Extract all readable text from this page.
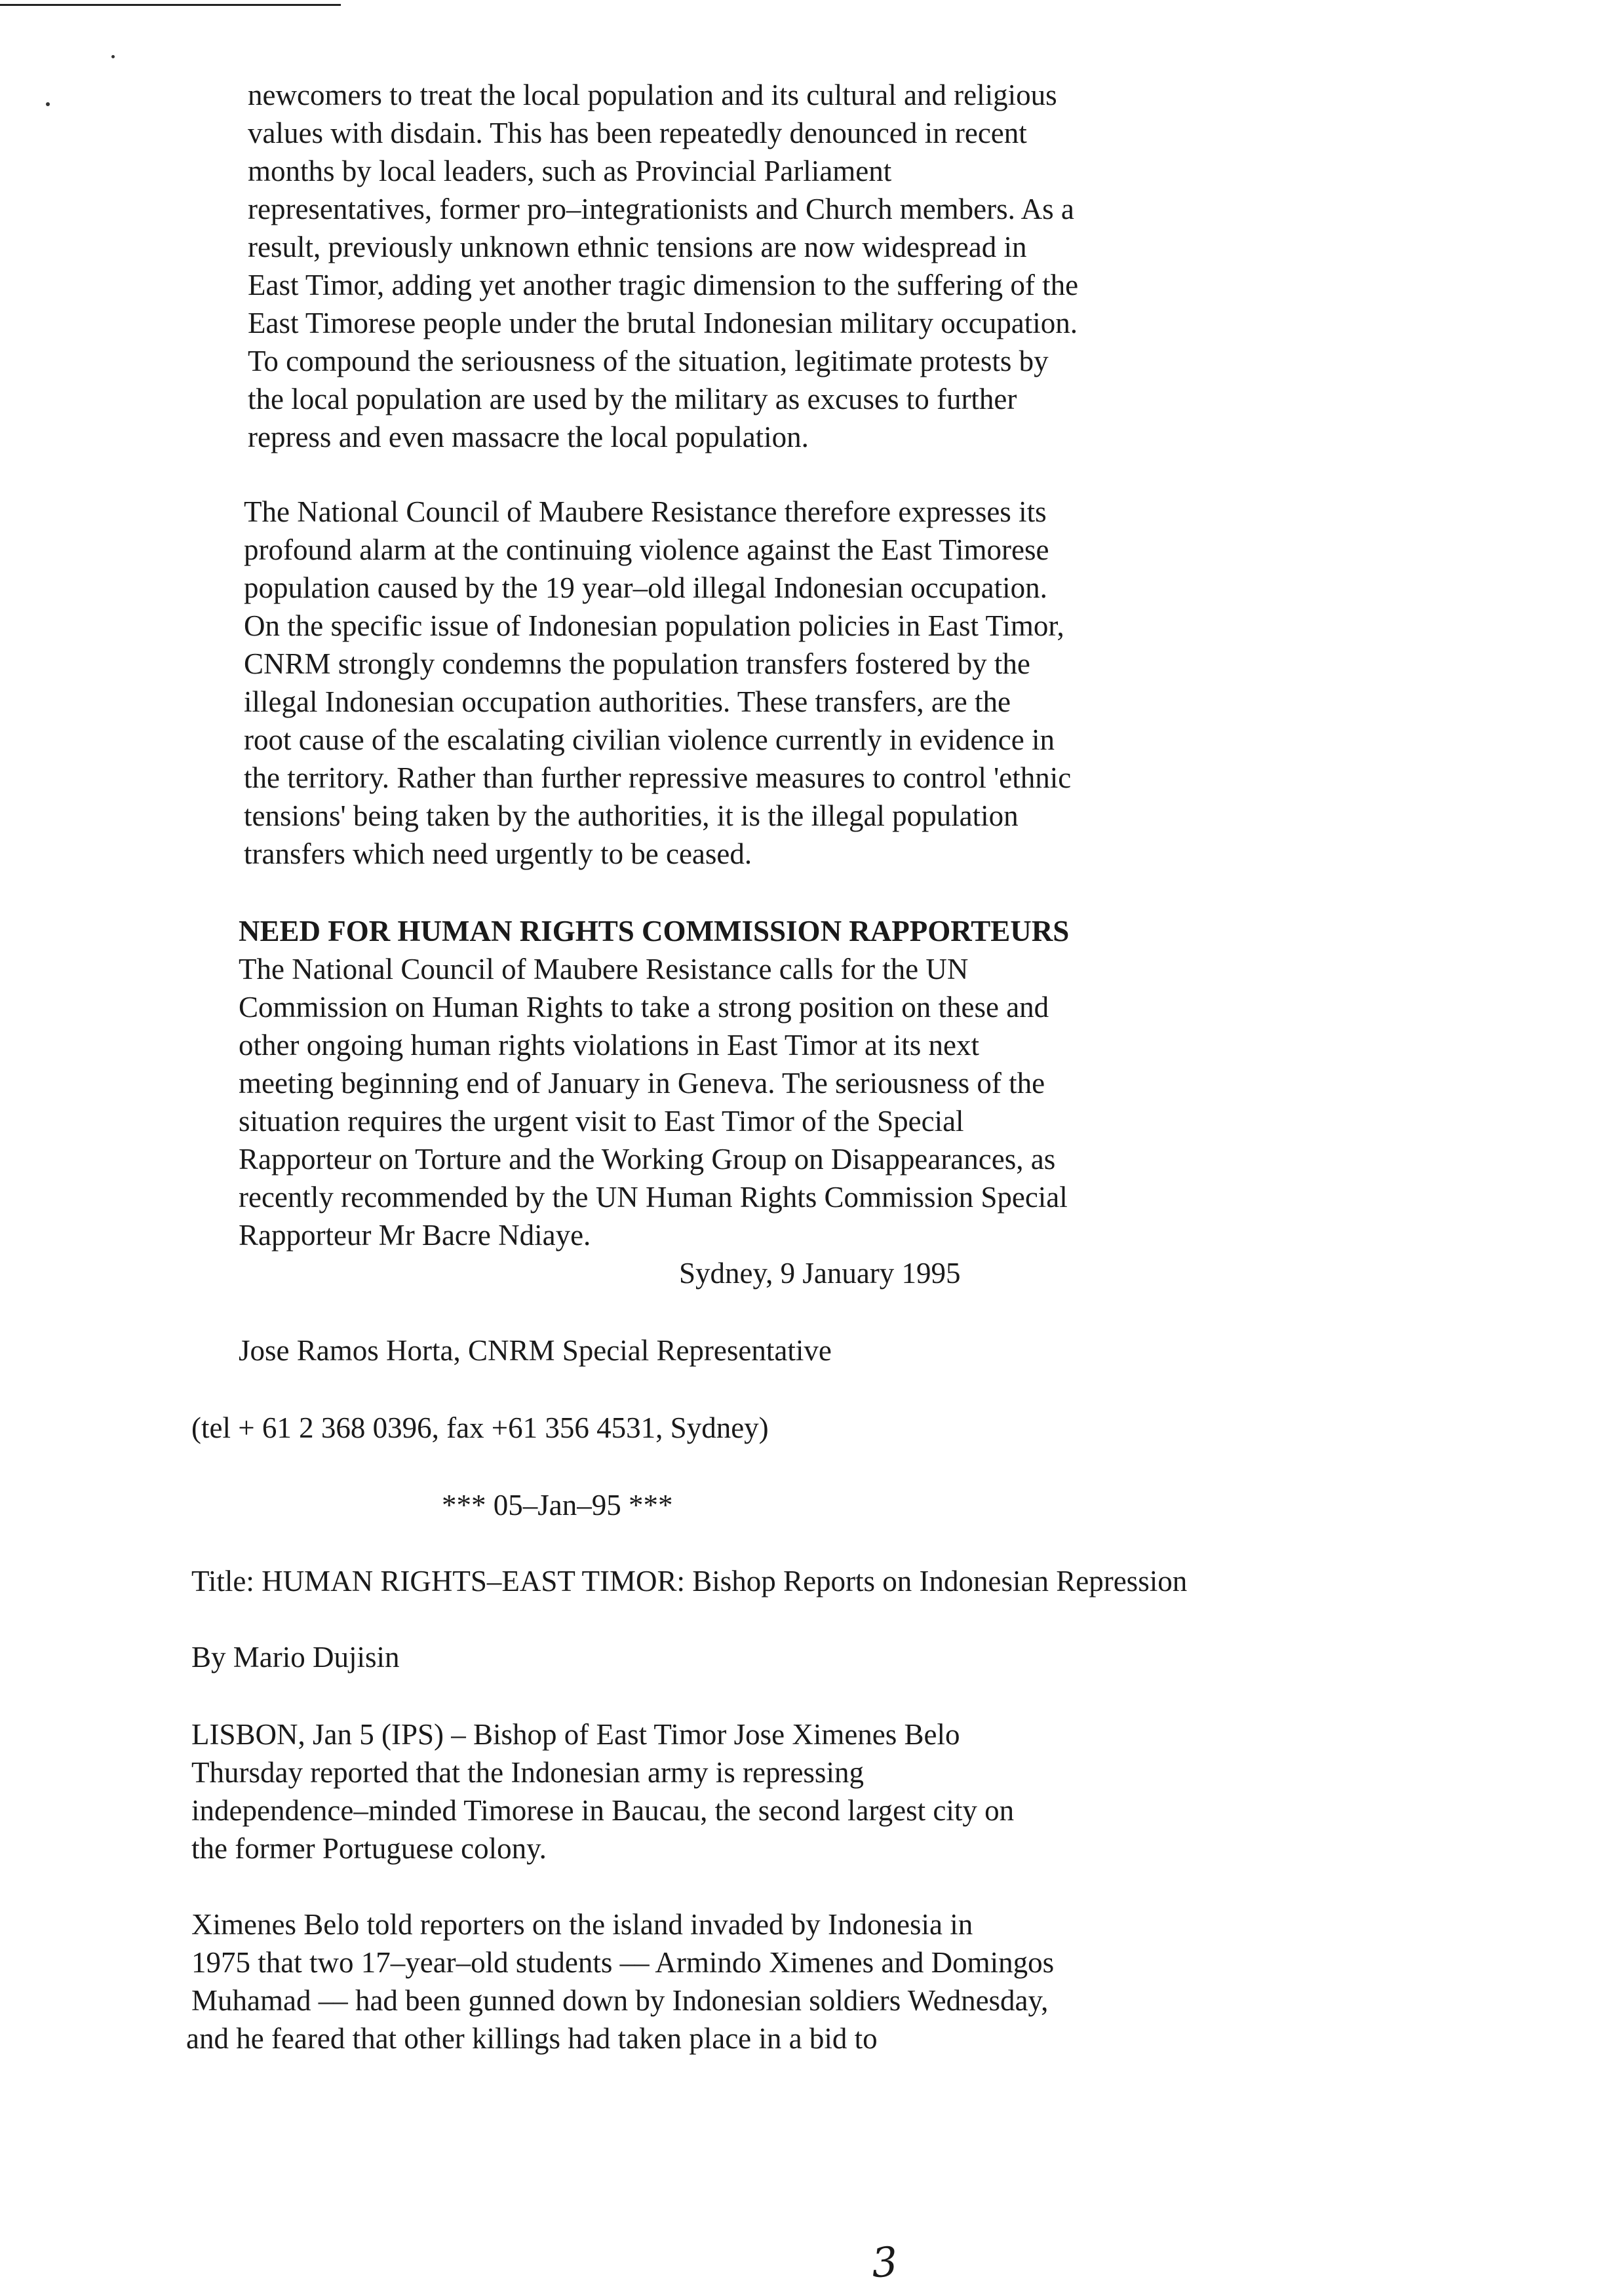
newcomers to treat the local population and its cultural and religious
values with disdain. This has been repeatedly denounced in recent
months by local leaders, such as Provincial Parliament
representatives, former pro–integrationists and Church members. As a
result, previously unknown ethnic tensions are now widespread in
East Timor, adding yet another tragic dimension to the suffering of the
East Timorese people under the brutal Indonesian military occupation.
To compound the seriousness of the situation, legitimate protests by
the local population are used by the military as excuses to further
repress and even massacre the local population.
The National Council of Maubere Resistance therefore expresses its
profound alarm at the continuing violence against the East Timorese
population caused by the 19 year–old illegal Indonesian occupation.
On the specific issue of Indonesian population policies in East Timor,
CNRM strongly condemns the population transfers fostered by the
illegal Indonesian occupation authorities. These transfers, are the
root cause of the escalating civilian violence currently in evidence in
the territory. Rather than further repressive measures to control 'ethnic
tensions' being taken by the authorities, it is the illegal population
transfers which need urgently to be ceased.
NEED FOR HUMAN RIGHTS COMMISSION RAPPORTEURS
The National Council of Maubere Resistance calls for the UN
Commission on Human Rights to take a strong position on these and
other ongoing human rights violations in East Timor at its next
meeting beginning end of January in Geneva. The seriousness of the
situation requires the urgent visit to East Timor of the Special
Rapporteur on Torture and the Working Group on Disappearances, as
recently recommended by the UN Human Rights Commission Special
Rapporteur Mr Bacre Ndiaye.
Sydney, 9 January 1995
Jose Ramos Horta, CNRM Special Representative
(tel + 61 2 368 0396, fax +61 356 4531, Sydney)
*** 05–Jan–95 ***
Title: HUMAN RIGHTS–EAST TIMOR: Bishop Reports on Indonesian Repression
By Mario Dujisin
LISBON, Jan 5 (IPS) – Bishop of East Timor Jose Ximenes Belo
Thursday reported that the Indonesian army is repressing
independence–minded Timorese in Baucau, the second largest city on
the former Portuguese colony.
Ximenes Belo told reporters on the island invaded by Indonesia in
1975 that two 17–year–old students –– Armindo Ximenes and Domingos
Muhamad –– had been gunned down by Indonesian soldiers Wednesday,
and he feared that other killings had taken place in a bid to
3
